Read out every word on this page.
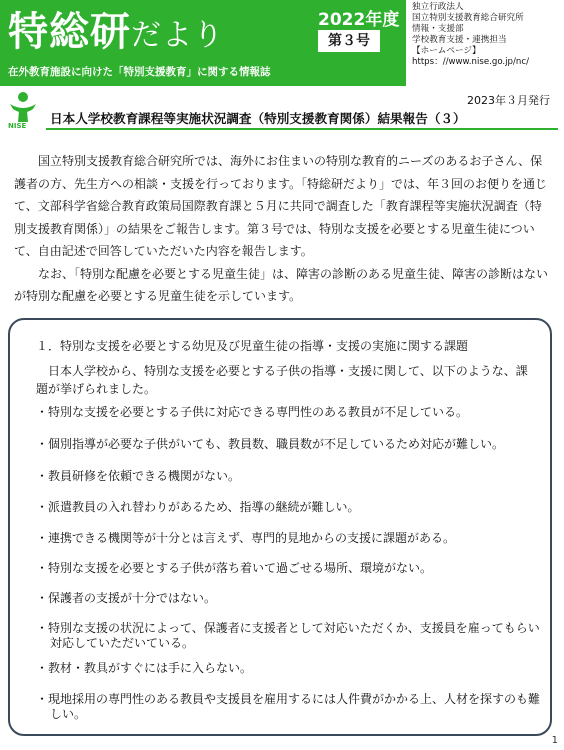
特総研だより	2022年度
第３号
在外教育施設に向けた「特別支援教育」に関する情報誌
独立行政法人
国立特別支援教育総合研究所
情報・支援部
学校教育支援・連携担当
【ホームページ】
https：//www.nise.go.jp/nc/
NISE
2023年３月発行
日本人学校教育課程等実施状況調査（特別支援教育関係）結果報告（３）

国立特別支援教育総合研究所では、海外にお住まいの特別な教育的ニーズのあるお子さん、保護者の方、先生方への相談・支援を行っております。「特総研だより」では、年３回のお便りを通じて、文部科学省総合教育政策局国際教育課と５月に共同で調査した「教育課程等実施状況調査（特別支援教育関係）」の結果をご報告します。第３号では、特別な支援を必要とする児童生徒について、自由記述で回答していただいた内容を報告します。

なお、「特別な配慮を必要とする児童生徒」は、障害の診断のある児童生徒、障害の診断はないが特別な配慮を必要とする児童生徒を示しています。

１．特別な支援を必要とする幼児及び児童生徒の指導・支援の実施に関する課題
日本人学校から、特別な支援を必要とする子供の指導・支援に関して、以下のような、課題が挙げられました。
・特別な支援を必要とする子供に対応できる専門性のある教員が不足している。
・個別指導が必要な子供がいても、教員数、職員数が不足しているため対応が難しい。
・教員研修を依頼できる機関がない。
・派遣教員の入れ替わりがあるため、指導の継続が難しい。
・連携できる機関等が十分とは言えず、専門的見地からの支援に課題がある。
・特別な支援を必要とする子供が落ち着いて過ごせる場所、環境がない。
・保護者の支援が十分ではない。
・特別な支援の状況によって、保護者に支援者として対応いただくか、支援員を雇ってもらい対応していただいている。
・教材・教具がすぐには手に入らない。
・現地採用の専門性のある教員や支援員を雇用するには人件費がかかる上、人材を探すのも難しい。
1
